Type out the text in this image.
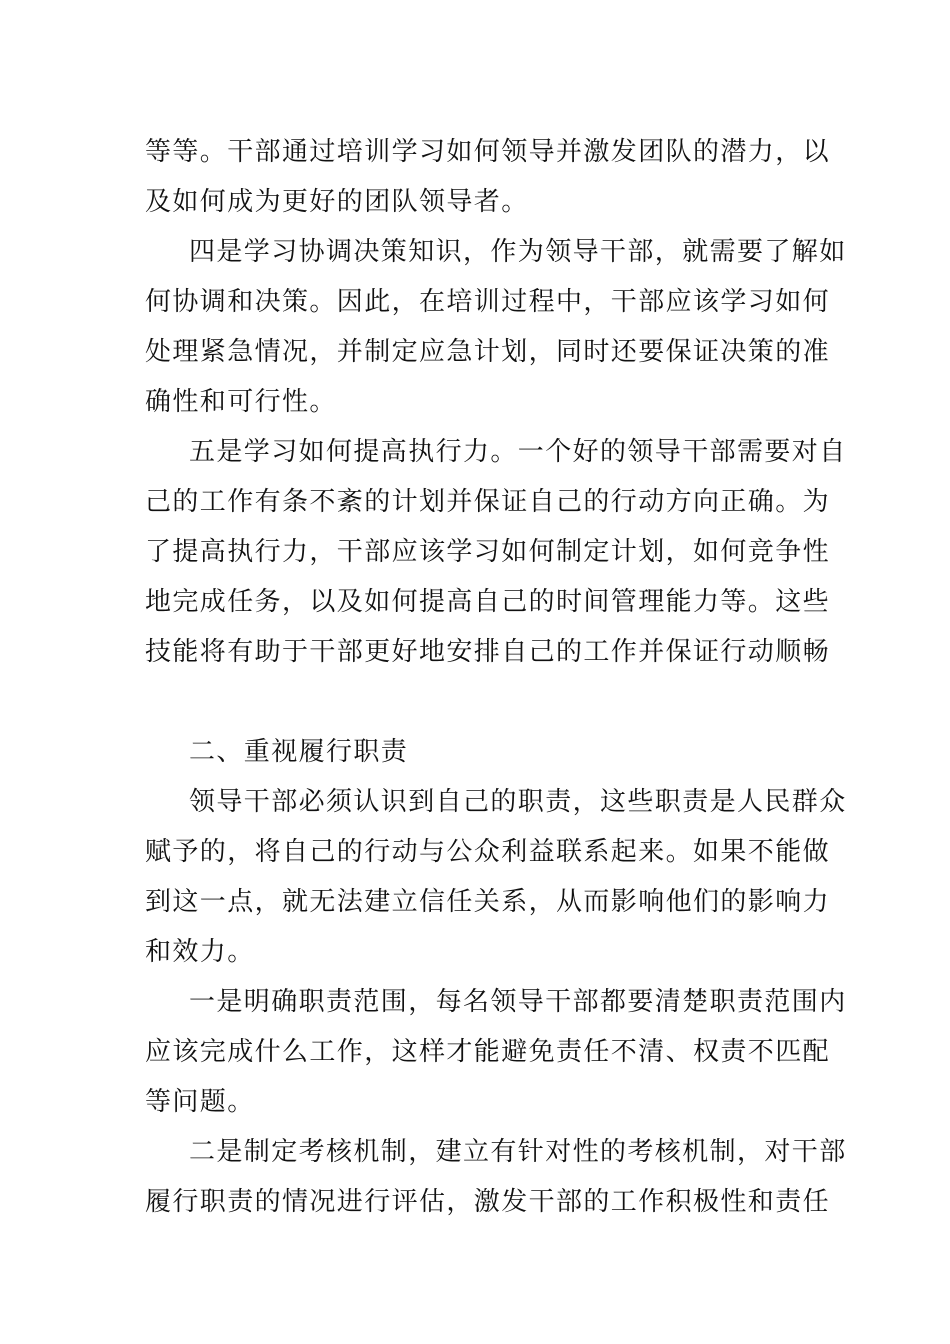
等等。干部通过培训学习如何领导并激发团队的潜力，以
及如何成为更好的团队领导者。
四是学习协调决策知识，作为领导干部，就需要了解如
何协调和决策。因此，在培训过程中，干部应该学习如何
处理紧急情况，并制定应急计划，同时还要保证决策的准
确性和可行性。
五是学习如何提高执行力。一个好的领导干部需要对自
己的工作有条不紊的计划并保证自己的行动方向正确。为
了提高执行力，干部应该学习如何制定计划，如何竞争性
地完成任务，以及如何提高自己的时间管理能力等。这些
技能将有助于干部更好地安排自己的工作并保证行动顺畅
二、重视履行职责
领导干部必须认识到自己的职责，这些职责是人民群众
赋予的，将自己的行动与公众利益联系起来。如果不能做
到这一点，就无法建立信任关系，从而影响他们的影响力
和效力。
一是明确职责范围，每名领导干部都要清楚职责范围内
应该完成什么工作，这样才能避免责任不清、权责不匹配
等问题。
二是制定考核机制，建立有针对性的考核机制，对干部
履行职责的情况进行评估，激发干部的工作积极性和责任
